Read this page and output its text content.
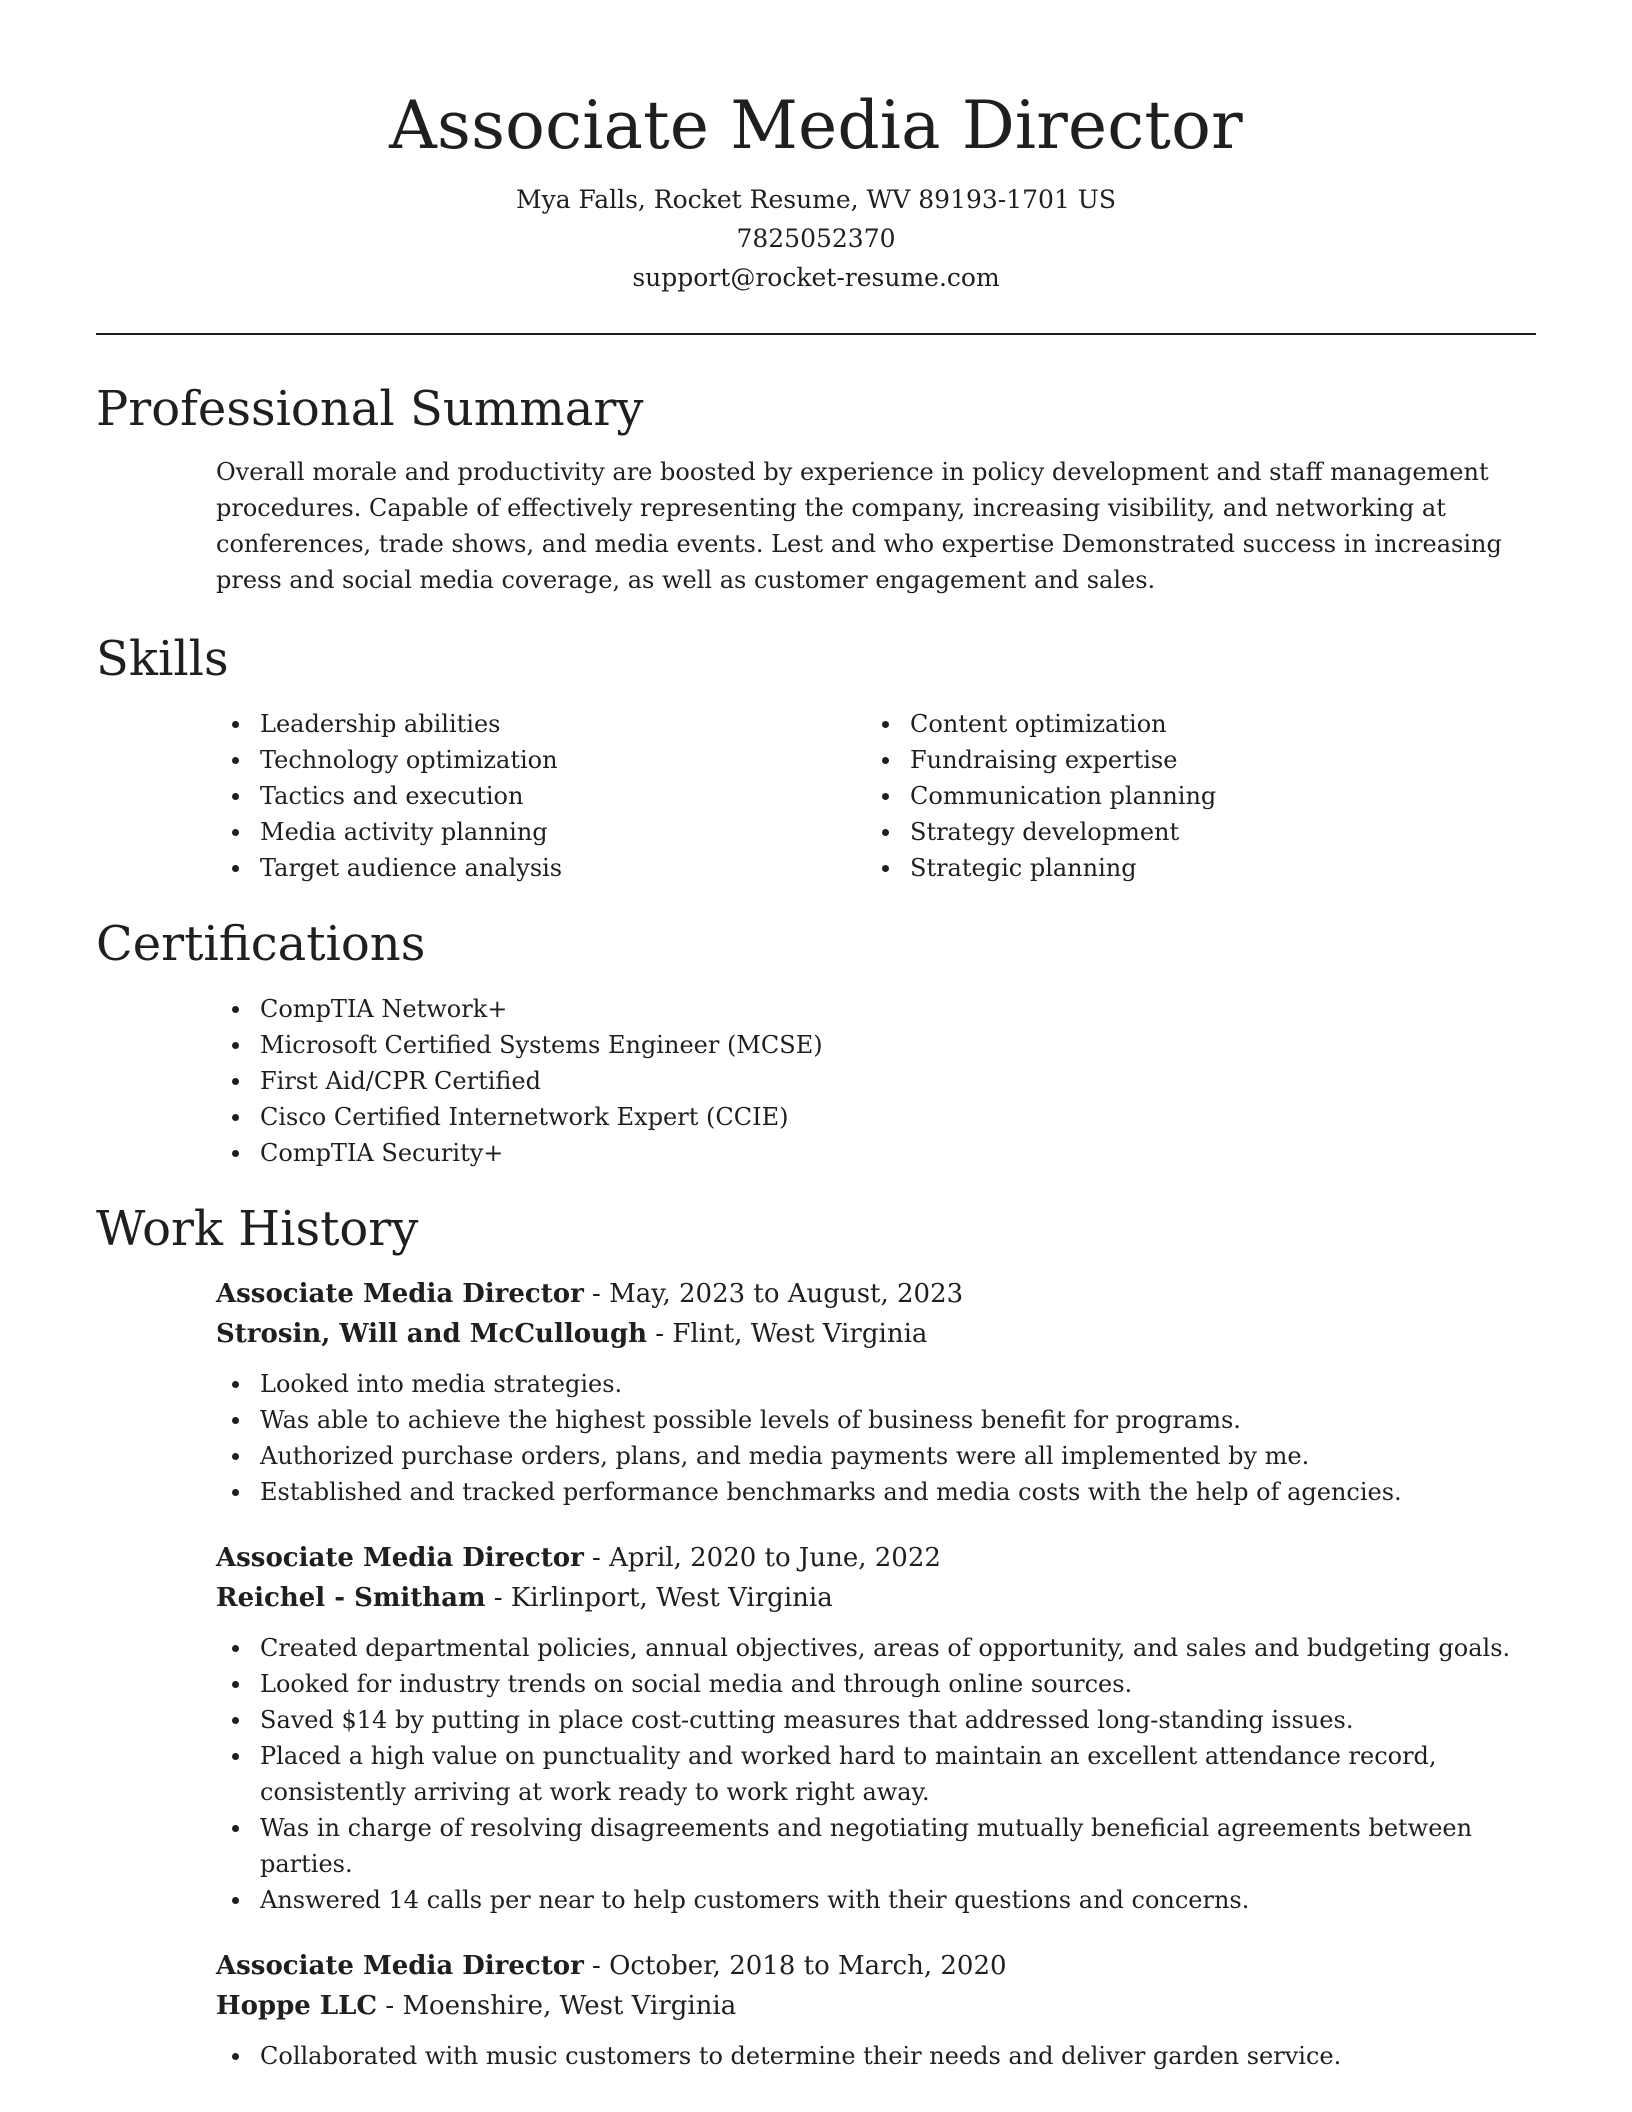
Associate Media Director

Mya Falls, Rocket Resume, WV 89193-1701 US

7825052370

support@rocket-resume.com

Professional Summary

Overall morale and productivity are boosted by experience in policy development and staff management procedures. Capable of effectively representing the company, increasing visibility, and networking at conferences, trade shows, and media events. Lest and who expertise Demonstrated success in increasing press and social media coverage, as well as customer engagement and sales.

Skills
Leadership abilities
Technology optimization
Tactics and execution
Media activity planning
Target audience analysis
Content optimization
Fundraising expertise
Communication planning
Strategy development
Strategic planning
Certifications
CompTIA Network+
Microsoft Certified Systems Engineer (MCSE)
First Aid/CPR Certified
Cisco Certified Internetwork Expert (CCIE)
CompTIA Security+
Work History
Associate Media Director - May, 2023 to August, 2023
Strosin, Will and McCullough - Flint, West Virginia
Looked into media strategies.
Was able to achieve the highest possible levels of business benefit for programs.
Authorized purchase orders, plans, and media payments were all implemented by me.
Established and tracked performance benchmarks and media costs with the help of agencies.
Associate Media Director - April, 2020 to June, 2022
Reichel - Smitham - Kirlinport, West Virginia
Created departmental policies, annual objectives, areas of opportunity, and sales and budgeting goals.
Looked for industry trends on social media and through online sources.
Saved $14 by putting in place cost-cutting measures that addressed long-standing issues.
Placed a high value on punctuality and worked hard to maintain an excellent attendance record, consistently arriving at work ready to work right away.
Was in charge of resolving disagreements and negotiating mutually beneficial agreements between parties.
Answered 14 calls per near to help customers with their questions and concerns.
Associate Media Director - October, 2018 to March, 2020
Hoppe LLC - Moenshire, West Virginia
Collaborated with music customers to determine their needs and deliver garden service.
